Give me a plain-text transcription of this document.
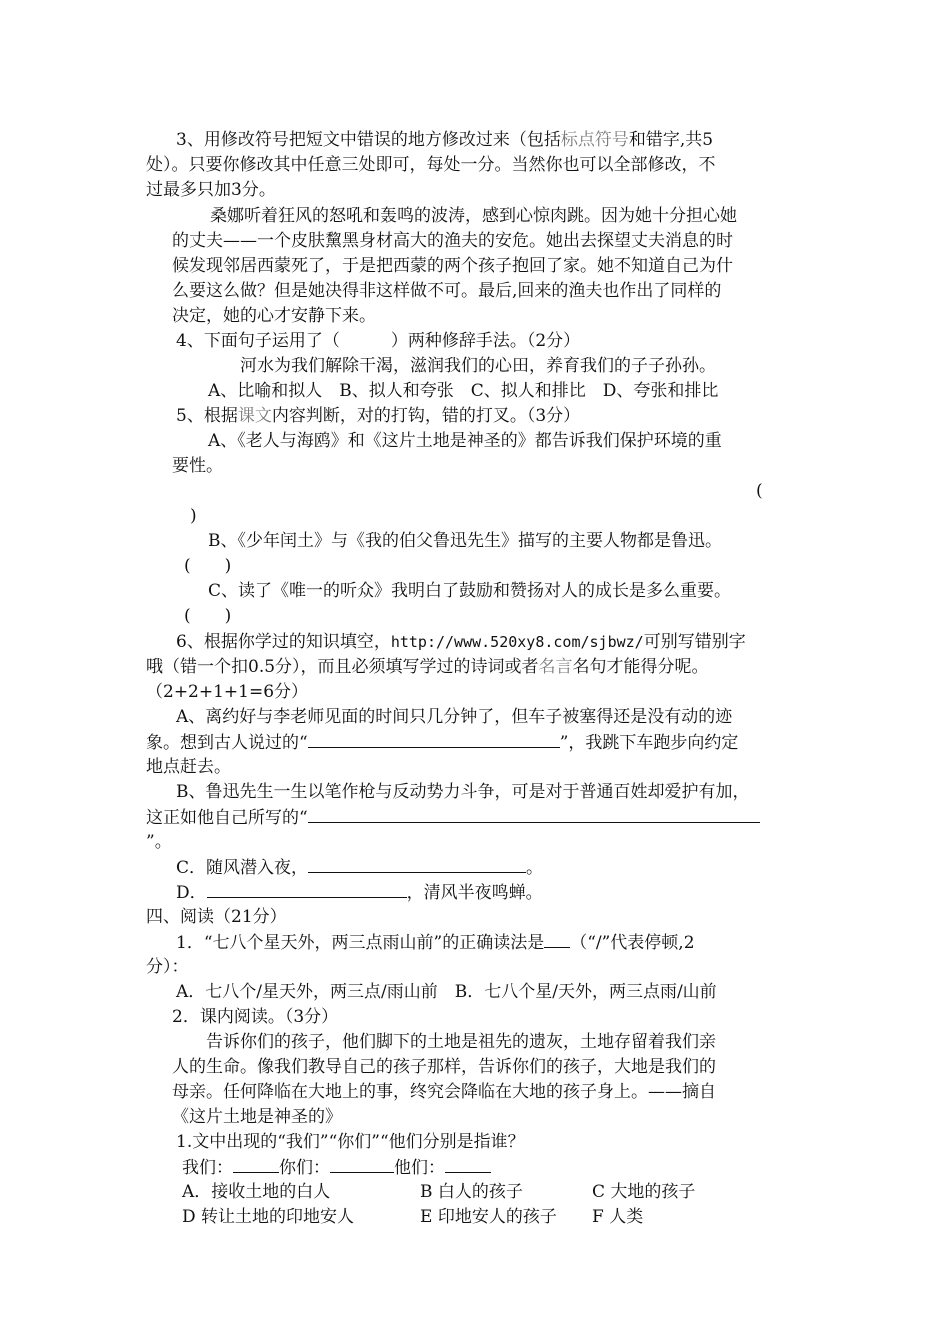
3、用修改符号把短文中错误的地方修改过来（包括标点符号和错字,共5
处）。只要你修改其中任意三处即可，每处一分。当然你也可以全部修改，不
过最多只加3分。
桑娜听着狂风的怒吼和轰鸣的波涛，感到心惊肉跳。因为她十分担心她
的丈夫——一个皮肤黧黑身材高大的渔夫的安危。她出去探望丈夫消息的时
候发现邻居西蒙死了，于是把西蒙的两个孩子抱回了家。她不知道自己为什
么要这么做？但是她决得非这样做不可。最后,回来的渔夫也作出了同样的
决定，她的心才安静下来。
4、下面句子运用了（　　　）两种修辞手法。（2分）
河水为我们解除干渴，滋润我们的心田，养育我们的子子孙孙。
A、比喻和拟人　B、拟人和夸张　C、拟人和排比　D、夸张和排比
5、根据课文内容判断，对的打钩，错的打叉。（3分）
A、《老人与海鸥》和《这片土地是神圣的》都告诉我们保护环境的重
要性。
(
)
B、《少年闰土》与《我的伯父鲁迅先生》描写的主要人物都是鲁迅。
(　　)
C、读了《唯一的听众》我明白了鼓励和赞扬对人的成长是多么重要。
(　　)
6、根据你学过的知识填空，http://www.520xy8.com/sjbwz/可别写错别字
哦（错一个扣0.5分），而且必须填写学过的诗词或者名言名句才能得分呢。
（2+2+1+1=6分）
A、离约好与李老师见面的时间只几分钟了，但车子被塞得还是没有动的迹
象。想到古人说过的“	”，我跳下车跑步向约定
地点赶去。
B、鲁迅先生一生以笔作枪与反动势力斗争，可是对于普通百姓却爱护有加，
这正如他自己所写的“
”。
C．随风潜入夜，	。
D．	，清风半夜鸣蝉。
四、阅读（21分）
1．“七八个星天外，两三点雨山前”的正确读法是 （“/”代表停顿,2
分）：
A．七八个/星天外，两三点/雨山前　B．七八个星/天外，两三点雨/山前
2．课内阅读。（3分）
告诉你们的孩子，他们脚下的土地是祖先的遗灰，土地存留着我们亲
人的生命。像我们教导自己的孩子那样，告诉你们的孩子，大地是我们的
母亲。任何降临在大地上的事，终究会降临在大地的孩子身上。——摘自
《这片土地是神圣的》
1.文中出现的“我们”“你们”“他们分别是指谁？
我们：	你们：	他们：
A．接收土地的白人	B 白人的孩子	C 大地的孩子
D 转让土地的印地安人	E 印地安人的孩子 F 人类
